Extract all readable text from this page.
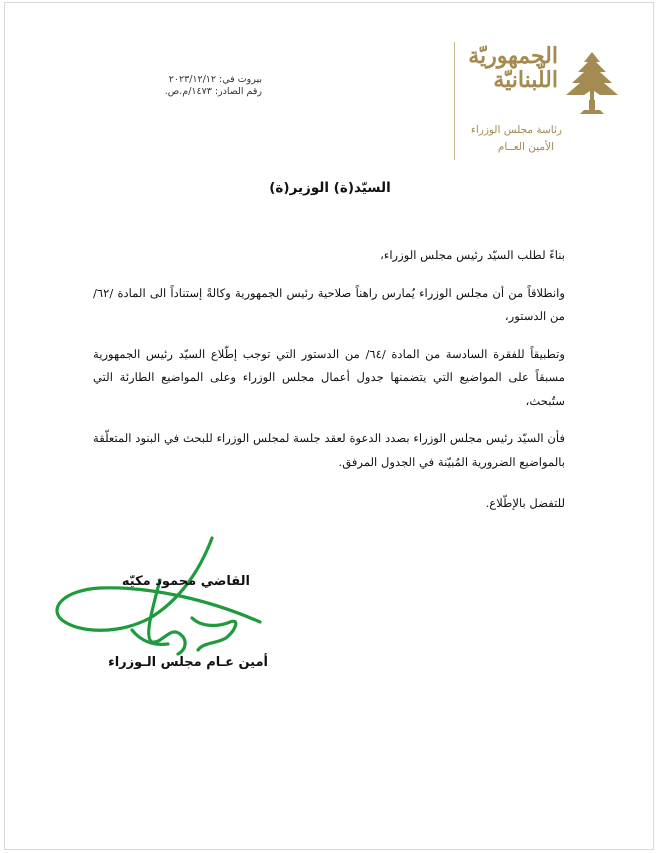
الجمهوريّة
اللّبنانيّة
رئاسة مجلس الوزراء
الأمين العــام
بيروت في: ٢٠٢٣/١٢/١٢
رقم الصادر: ١٤٧٣/م.ص.
السيّد(ة) الوزير(ة)

بناءً لطلب السيّد رئيس مجلس الوزراء،

وانطلاقاً من أن مجلس الوزراء يُمارس راهناً صلاحية رئيس الجمهورية وكالةً إستناداً الى المادة /٦٢/ من الدستور،

وتطبيقاً للفقرة السادسة من المادة /٦٤/ من الدستور التي توجب إطّلاع السيّد رئيس الجمهورية مسبقاً على المواضيع التي يتضمنها جدول أعمال مجلس الوزراء وعلى المواضيع الطارئة التي ستُبحث،

فأن السيّد رئيس مجلس الوزراء بصدد الدعوة لعقد جلسة لمجلس الوزراء للبحث في البنود المتعلّقة بالمواضيع الضرورية المُبيّنة في الجدول المرفق.

للتفضل بالإطّلاع.

القاضي محمود مكيّه
أمين عـام مجلس الـوزراء
